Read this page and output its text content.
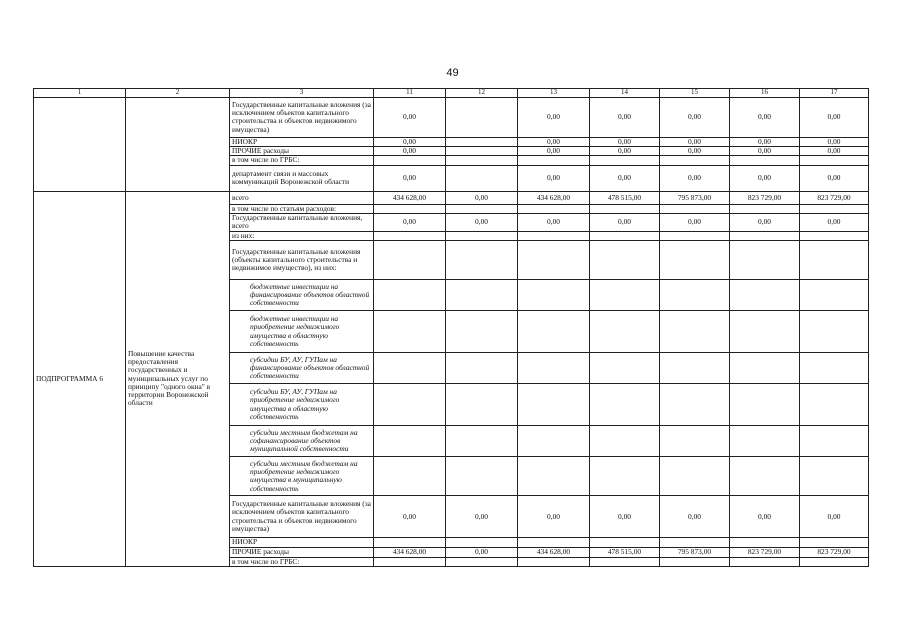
49
1	2	3	11	12	13	14	15	16	17
		Государственные капитальные вложения (за исключением объектов капитального строительства и объектов недвижимого имущества)	0,00		0,00	0,00	0,00	0,00	0,00
		НИОКР	0,00		0,00	0,00	0,00	0,00	0,00
		ПРОЧИЕ расходы	0,00		0,00	0,00	0,00	0,00	0,00
		в том числе по ГРБС:							
		департамент связи и массовых коммуникаций Воронежской области	0,00		0,00	0,00	0,00	0,00	0,00
ПОДПРОГРАММА 6	Повышение качества предоставления государственных и муниципальных услуг по принципу "одного окна" в территории Воронежской области	всего	434 628,00	0,00	434 628,00	478 515,00	795 873,00	823 729,00	823 729,00
		в том числе по статьям расходов:							
		Государственные капитальные вложения, всего	0,00	0,00	0,00	0,00	0,00	0,00	0,00
		из них:							
		Государственные капитальные вложения (объекты капитального строительства и недвижимое имущество), из них:							
		бюджетные инвестиции на финансирование объектов областной собственности							
		бюджетные инвестиции на приобретение недвижимого имущества в областную собственность							
		субсидии БУ, АУ, ГУПам на финансирование объектов областной собственности							
		субсидии БУ, АУ, ГУПам на приобретение недвижимого имущества в областную собственность							
		субсидии местным бюджетам на софинансирование объектов муниципальной собственности							
		субсидии местным бюджетам на приобретение недвижимого имущества в муниципальную собственность							
		Государственные капитальные вложения (за исключением объектов капитального строительства и объектов недвижимого имущества)	0,00	0,00	0,00	0,00	0,00	0,00	0,00
		НИОКР							
		ПРОЧИЕ расходы	434 628,00	0,00	434 628,00	478 515,00	795 873,00	823 729,00	823 729,00
		в том числе по ГРБС:							
